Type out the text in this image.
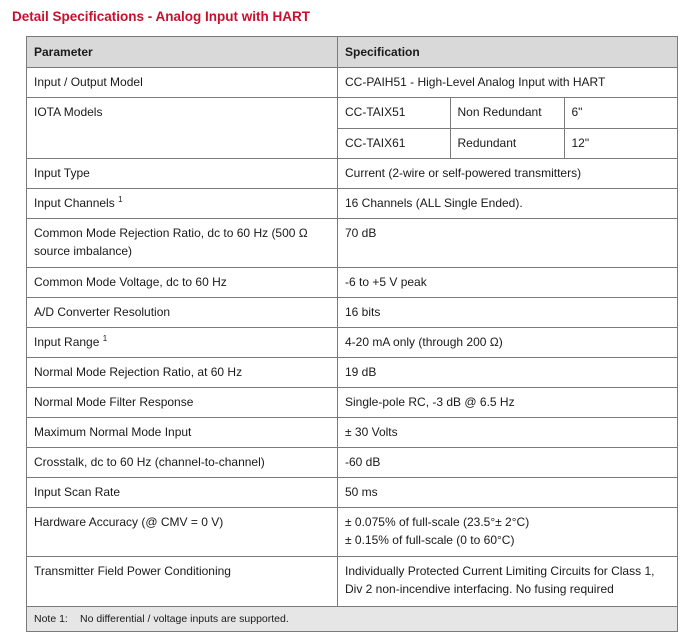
Detail Specifications - Analog Input with HART
Parameter	Specification
Input / Output Model	CC-PAIH51 - High-Level Analog Input with HART
IOTA Models		CC-TAIX51	Non Redundant	6"
CC-TAIX61	Redundant	12"

Input Type	Current (2-wire or self-powered transmitters)
Input Channels $^1$	16 Channels (ALL Single Ended).
Common Mode Rejection Ratio, dc to 60 Hz (500 Ω source imbalance)	70 dB
Common Mode Voltage, dc to 60 Hz	-6 to +5 V peak
A/D Converter Resolution	16 bits
Input Range $^1$	4-20 mA only (through 200 Ω)
Normal Mode Rejection Ratio, at 60 Hz	19 dB
Normal Mode Filter Response	Single-pole RC, -3 dB @ 6.5 Hz
Maximum Normal Mode Input	± 30 Volts
Crosstalk, dc to 60 Hz (channel-to-channel)	-60 dB
Input Scan Rate	50 ms
Hardware Accuracy (@ CMV = 0 V)	± 0.075% of full-scale (23.5°± 2°C)
± 0.15% of full-scale (0 to 60°C)

Transmitter Field Power Conditioning	Individually Protected Current Limiting Circuits for Class 1, Div 2 non-incendive interfacing. No fusing required
Note 1: No differential / voltage inputs are supported.
